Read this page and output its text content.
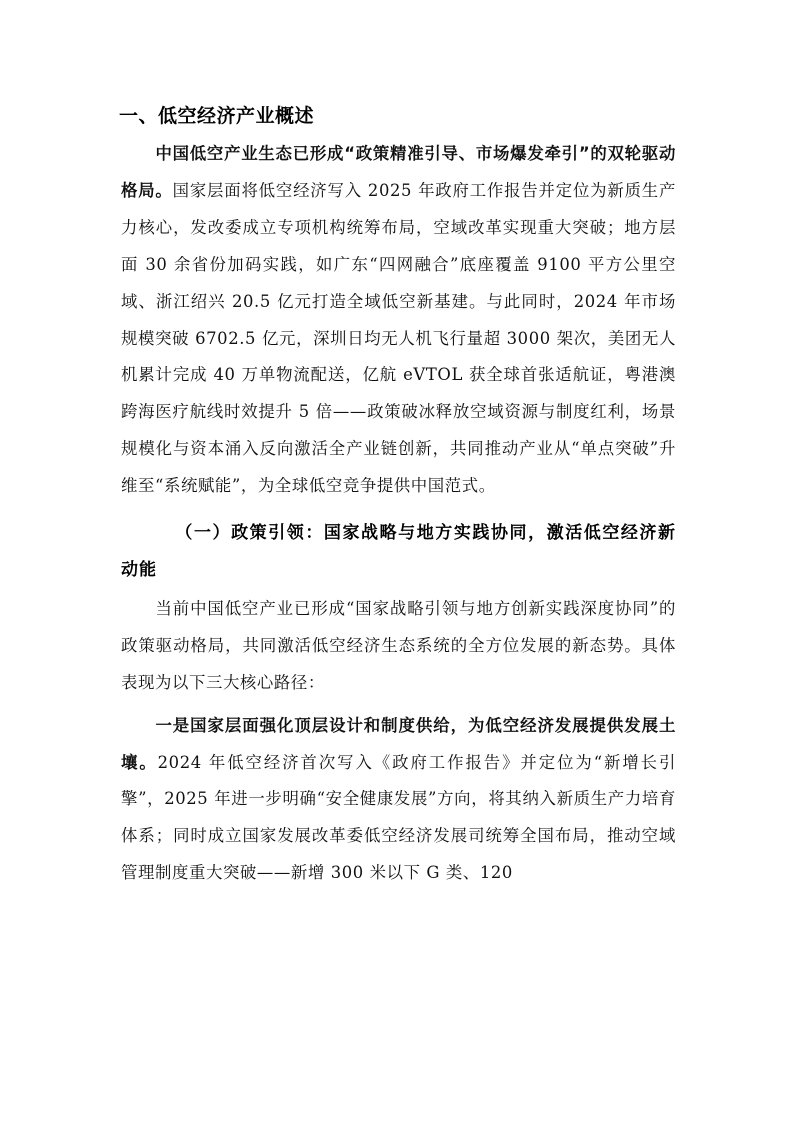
一、低空经济产业概述

中国低空产业生态已形成“政策精准引导、市场爆发牵引”的双轮驱动格局。国家层面将低空经济写入 2025 年政府工作报告并定位为新质生产力核心，发改委成立专项机构统筹布局，空域改革实现重大突破；地方层面 30 余省份加码实践，如广东“四网融合”底座覆盖 9100 平方公里空域、浙江绍兴 20.5 亿元打造全域低空新基建。与此同时，2024 年市场规模突破 6702.5 亿元，深圳日均无人机飞行量超 3000 架次，美团无人机累计完成 40 万单物流配送，亿航 eVTOL 获全球首张适航证，粤港澳跨海医疗航线时效提升 5 倍——政策破冰释放空域资源与制度红利，场景规模化与资本涌入反向激活全产业链创新，共同推动产业从“单点突破”升维至“系统赋能”，为全球低空竞争提供中国范式。

（一）政策引领：国家战略与地方实践协同，激活低空经济新动能

当前中国低空产业已形成“国家战略引领与地方创新实践深度协同”的政策驱动格局，共同激活低空经济生态系统的全方位发展的新态势。具体表现为以下三大核心路径：

一是国家层面强化顶层设计和制度供给，为低空经济发展提供发展土壤。2024 年低空经济首次写入《政府工作报告》并定位为“新增长引擎”，2025 年进一步明确“安全健康发展”方向，将其纳入新质生产力培育体系；同时成立国家发展改革委低空经济发展司统筹全国布局，推动空域管理制度重大突破——新增 300 米以下 G 类、120
